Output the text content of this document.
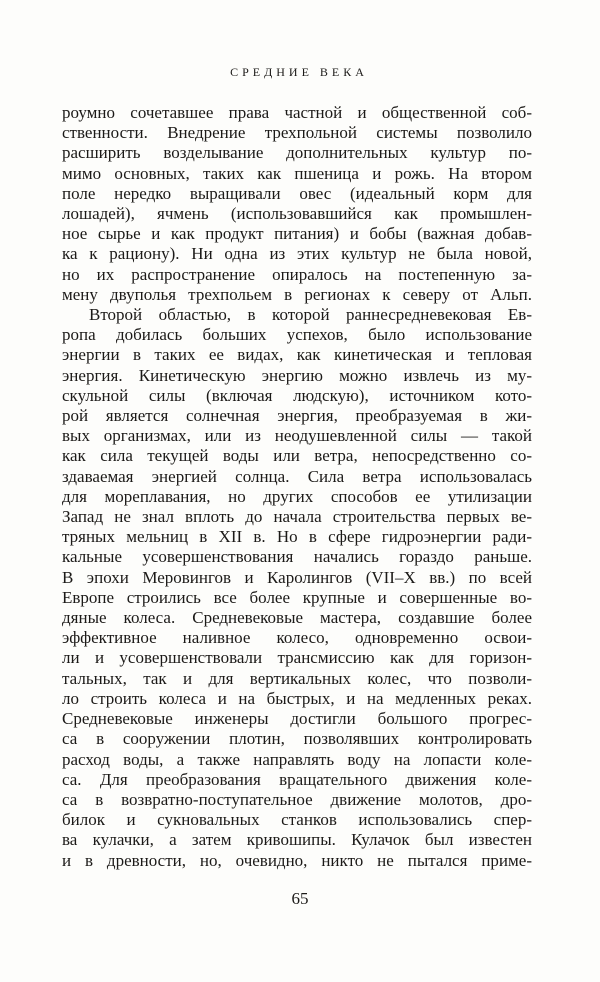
СРЕДНИЕ ВЕКА
роумно сочетавшее права частной и общественной соб-
ственности. Внедрение трехпольной системы позволило
расширить возделывание дополнительных культур по-
мимо основных, таких как пшеница и рожь. На втором
поле нередко выращивали овес (идеальный корм для
лошадей), ячмень (использовавшийся как промышлен-
ное сырье и как продукт питания) и бобы (важная добав-
ка к рациону). Ни одна из этих культур не была новой,
но их распространение опиралось на постепенную за-
мену двуполья трехпольем в регионах к северу от Альп.
Второй областью, в которой раннесредневековая Ев-
ропа добилась больших успехов, было использование
энергии в таких ее видах, как кинетическая и тепловая
энергия. Кинетическую энергию можно извлечь из му-
скульной силы (включая людскую), источником кото-
рой является солнечная энергия, преобразуемая в жи-
вых организмах, или из неодушевленной силы — такой
как сила текущей воды или ветра, непосредственно со-
здаваемая энергией солнца. Сила ветра использовалась
для мореплавания, но других способов ее утилизации
Запад не знал вплоть до начала строительства первых ве-
тряных мельниц в XII в. Но в сфере гидроэнергии ради-
кальные усовершенствования начались гораздо раньше.
В эпохи Меровингов и Каролингов (VII–X вв.) по всей
Европе строились все более крупные и совершенные во-
дяные колеса. Средневековые мастера, создавшие более
эффективное наливное колесо, одновременно освои-
ли и усовершенствовали трансмиссию как для горизон-
тальных, так и для вертикальных колес, что позволи-
ло строить колеса и на быстрых, и на медленных реках.
Средневековые инженеры достигли большого прогрес-
са в сооружении плотин, позволявших контролировать
расход воды, а также направлять воду на лопасти коле-
са. Для преобразования вращательного движения коле-
са в возвратно-поступательное движение молотов, дро-
билок и сукновальных станков использовались спер-
ва кулачки, а затем кривошипы. Кулачок был известен
и в древности, но, очевидно, никто не пытался приме-
65
